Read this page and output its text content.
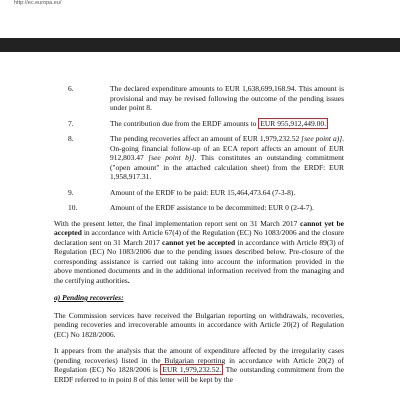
http://ec.europa.eu/
6.	The declared expenditure amounts to EUR 1,638,699,168.94. This amount is provisional and may be revised following the outcome of the pending issues under point 8.
7.	The contribution due from the ERDF amounts to EUR 955,912,449.00.
8.	The pending recoveries affect an amount of EUR 1,979,232.52 [see point a)]. On-going financial follow-up of an ECA report affects an amount of EUR 912,803.47 [see point b)]. This constitutes an outstanding commitment ("open amount" in the attached calculation sheet) from the ERDF: EUR 1,958,917.31.
9.	Amount of the ERDF to be paid: EUR 15,464,473.64 (7-3-8).
10.	Amount of the ERDF assistance to be decommitted: EUR 0 (2-4-7).

With the present letter, the final implementation report sent on 31 March 2017 cannot yet be accepted in accordance with Article 67(4) of the Regulation (EC) No 1083/2006 and the closure declaration sent on 31 March 2017 cannot yet be accepted in accordance with Article 89(3) of Regulation (EC) No 1083/2006 due to the pending issues described below. Pre-closure of the corresponding assistance is carried out taking into account the information provided in the above mentioned documents and in the additional information received from the managing and the certifying authorities.

a) Pending recoveries:

The Commission services have received the Bulgarian reporting on withdrawals, recoveries, pending recoveries and irrecoverable amounts in accordance with Article 20(2) of Regulation (EC) No 1828/2006.

It appears from the analysis that the amount of expenditure affected by the irregularity cases (pending recoveries) listed in the Bulgarian reporting in accordance with Article 20(2) of Regulation (EC) No 1828/2006 is EUR 1,979,232.52. The outstanding commitment from the ERDF referred to in point 8 of this letter will be kept by the
